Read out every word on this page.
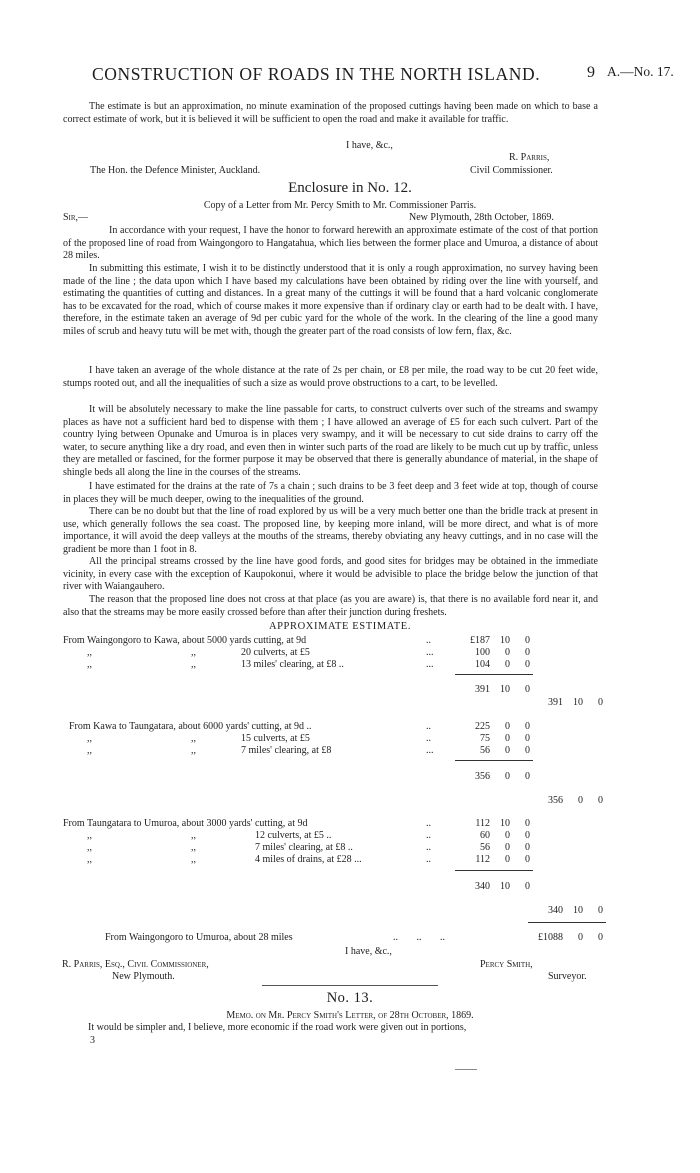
CONSTRUCTION OF ROADS IN THE NORTH ISLAND.	9 A.—No. 17.

The estimate is but an approximation, no minute examination of the proposed cuttings having been made on which to base a correct estimate of work, but it is believed it will be sufficient to open the road and make it available for traffic.

I have, &c.,
R. Parris,
The Hon. the Defence Minister, Auckland.	Civil Commissioner.
Enclosure in No. 12.
Copy of a Letter from Mr. Percy Smith to Mr. Commissioner Parris.
Sir,—	New Plymouth, 28th October, 1869.

In accordance with your request, I have the honor to forward herewith an approximate estimate of the cost of that portion of the proposed line of road from Waingongoro to Hangatahua, which lies between the former place and Umuroa, a distance of about 28 miles.

In submitting this estimate, I wish it to be distinctly understood that it is only a rough approximation, no survey having been made of the line ; the data upon which I have based my calculations have been obtained by riding over the line with yourself, and estimating the quantities of cutting and distances. In a great many of the cuttings it will be found that a hard volcanic conglomerate has to be excavated for the road, which of course makes it more expensive than if ordinary clay or earth had to be dealt with. I have, therefore, in the estimate taken an average of 9d per cubic yard for the whole of the work. In the clearing of the line a good many miles of scrub and heavy tutu will be met with, though the greater part of the road consists of low fern, flax, &c.

I have taken an average of the whole distance at the rate of 2s per chain, or £8 per mile, the road way to be cut 20 feet wide, stumps rooted out, and all the inequalities of such a size as would prove obstructions to a cart, to be levelled.

It will be absolutely necessary to make the line passable for carts, to construct culverts over such of the streams and swampy places as have not a sufficient hard bed to dispense with them ; I have allowed an average of £5 for each such culvert. Part of the country lying between Opunake and Umuroa is in places very swampy, and it will be necessary to cut side drains to carry off the water, to secure anything like a dry road, and even then in winter such parts of the road are likely to be much cut up by traffic, unless they are metalled or fascined, for the former purpose it may be observed that there is generally abundance of material, in the shape of shingle beds all along the line in the courses of the streams.

I have estimated for the drains at the rate of 7s a chain ; such drains to be 3 feet deep and 3 feet wide at top, though of course in places they will be much deeper, owing to the inequalities of the ground.

There can be no doubt but that the line of road explored by us will be a very much better one than the bridle track at present in use, which generally follows the sea coast. The proposed line, by keeping more inland, will be more direct, and what is of more importance, it will avoid the deep valleys at the mouths of the streams, thereby obviating any heavy cuttings, and in no case will the gradient be more than 1 foot in 8.

APPROXIMATE ESTIMATE.
From Waingongoro to Kawa, about 5000 yards cutting, at 9d	..	£187 10 0
,,	,,	20 culverts, at £5	...	100 0 0
,,	,,	13 miles' clearing, at £8 ..	...	104 0 0
391 10 0
391 10 0
From Kawa to Taungatara, about 6000 yards' cutting, at 9d ..	..	225 0 0
,,	,,	15 culverts, at £5	..	75 0 0
,,	,,	7 miles' clearing, at £8	...	56 0 0
356 0 0
356 0 0
From Taungatara to Umuroa, about 3000 yards' cutting, at 9d	..	112 10 0
,,	,,	12 culverts, at £5 ..	..	60 0 0
,,	,,	7 miles' clearing, at £8 ..	..	56 0 0
,,	,,	4 miles of drains, at £28 ...	..	112 0 0
340 10 0
340 10 0
From Waingongoro to Umuroa, about 28 miles	.. .. ..	£1088 0 0
I have, &c.,
R. Parris, Esq., Civil Commissioner,	Percy Smith,
New Plymouth.	Surveyor.
No. 13.
Memo. on Mr. Percy Smith's Letter, of 28th October, 1869.
It would be simpler and, I believe, more economic if the road work were given out in portions,
3

All the principal streams crossed by the line have good fords, and good sites for bridges may be obtained in the immediate vicinity, in every case with the exception of Kaupokonui, where it would be advisible to place the bridge below the junction of that river with Waiangauhero.

The reason that the proposed line does not cross at that place (as you are aware) is, that there is no available ford near it, and also that the streams may be more easily crossed before than after their junction during freshets.
